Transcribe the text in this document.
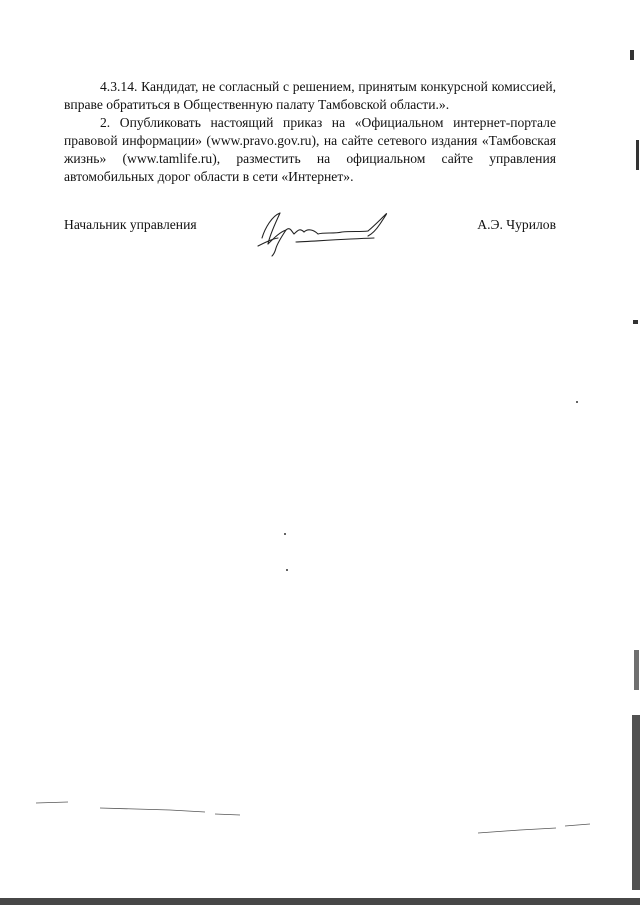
4.3.14. Кандидат, не согласный с решением, принятым конкурсной комиссией, вправе обратиться в Общественную палату Тамбовской области.».

2. Опубликовать настоящий приказ на «Официальном интернет-портале правовой информации» (www.pravo.gov.ru), на сайте сетевого издания «Тамбовская жизнь» (www.tamlife.ru), разместить на официальном сайте управления автомобильных дорог области в сети «Интернет».

Начальник управления	А.Э. Чурилов
